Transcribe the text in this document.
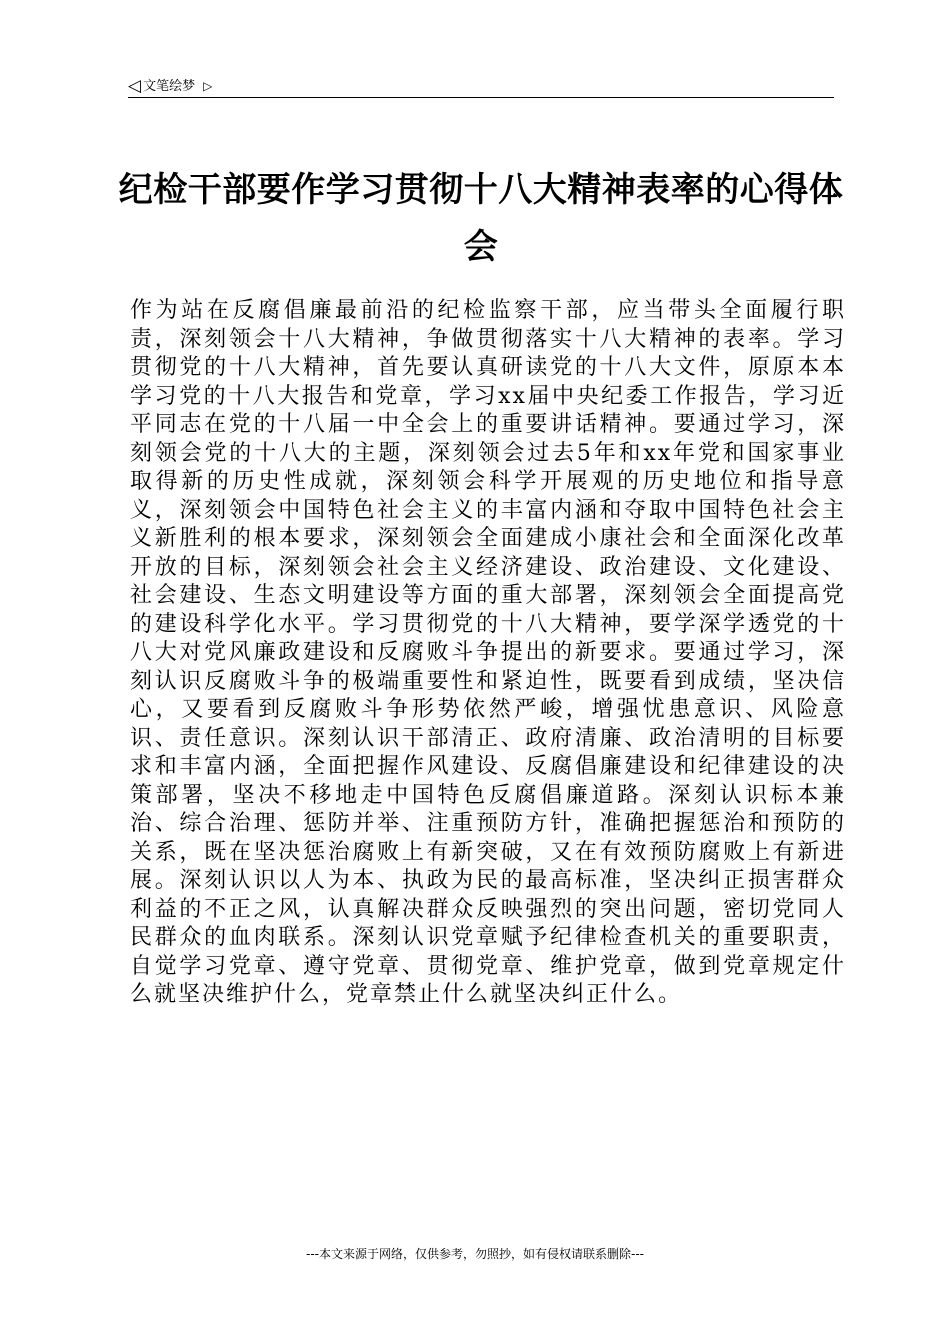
◁ 文笔绘梦 ▷
纪检干部要作学习贯彻十八大精神表率的心得体会

作为站在反腐倡廉最前沿的纪检监察干部，应当带头全面履行职责，深刻领会十八大精神，争做贯彻落实十八大精神的表率。学习贯彻党的十八大精神，首先要认真研读党的十八大文件，原原本本学习党的十八大报告和党章，学习xx届中央纪委工作报告，学习近平同志在党的十八届一中全会上的重要讲话精神。要通过学习，深刻领会党的十八大的主题，深刻领会过去5年和xx年党和国家事业取得新的历史性成就，深刻领会科学开展观的历史地位和指导意义，深刻领会中国特色社会主义的丰富内涵和夺取中国特色社会主义新胜利的根本要求，深刻领会全面建成小康社会和全面深化改革开放的目标，深刻领会社会主义经济建设、政治建设、文化建设、社会建设、生态文明建设等方面的重大部署，深刻领会全面提高党的建设科学化水平。学习贯彻党的十八大精神，要学深学透党的十八大对党风廉政建设和反腐败斗争提出的新要求。要通过学习，深刻认识反腐败斗争的极端重要性和紧迫性，既要看到成绩，坚决信心，又要看到反腐败斗争形势依然严峻，增强忧患意识、风险意识、责任意识。深刻认识干部清正、政府清廉、政治清明的目标要求和丰富内涵，全面把握作风建设、反腐倡廉建设和纪律建设的决策部署，坚决不移地走中国特色反腐倡廉道路。深刻认识标本兼治、综合治理、惩防并举、注重预防方针，准确把握惩治和预防的关系，既在坚决惩治腐败上有新突破，又在有效预防腐败上有新进展。深刻认识以人为本、执政为民的最高标准，坚决纠正损害群众利益的不正之风，认真解决群众反映强烈的突出问题，密切党同人民群众的血肉联系。深刻认识党章赋予纪律检查机关的重要职责，自觉学习党章、遵守党章、贯彻党章、维护党章，做到党章规定什么就坚决维护什么，党章禁止什么就坚决纠正什么。

---本文来源于网络，仅供参考，勿照抄，如有侵权请联系删除---
